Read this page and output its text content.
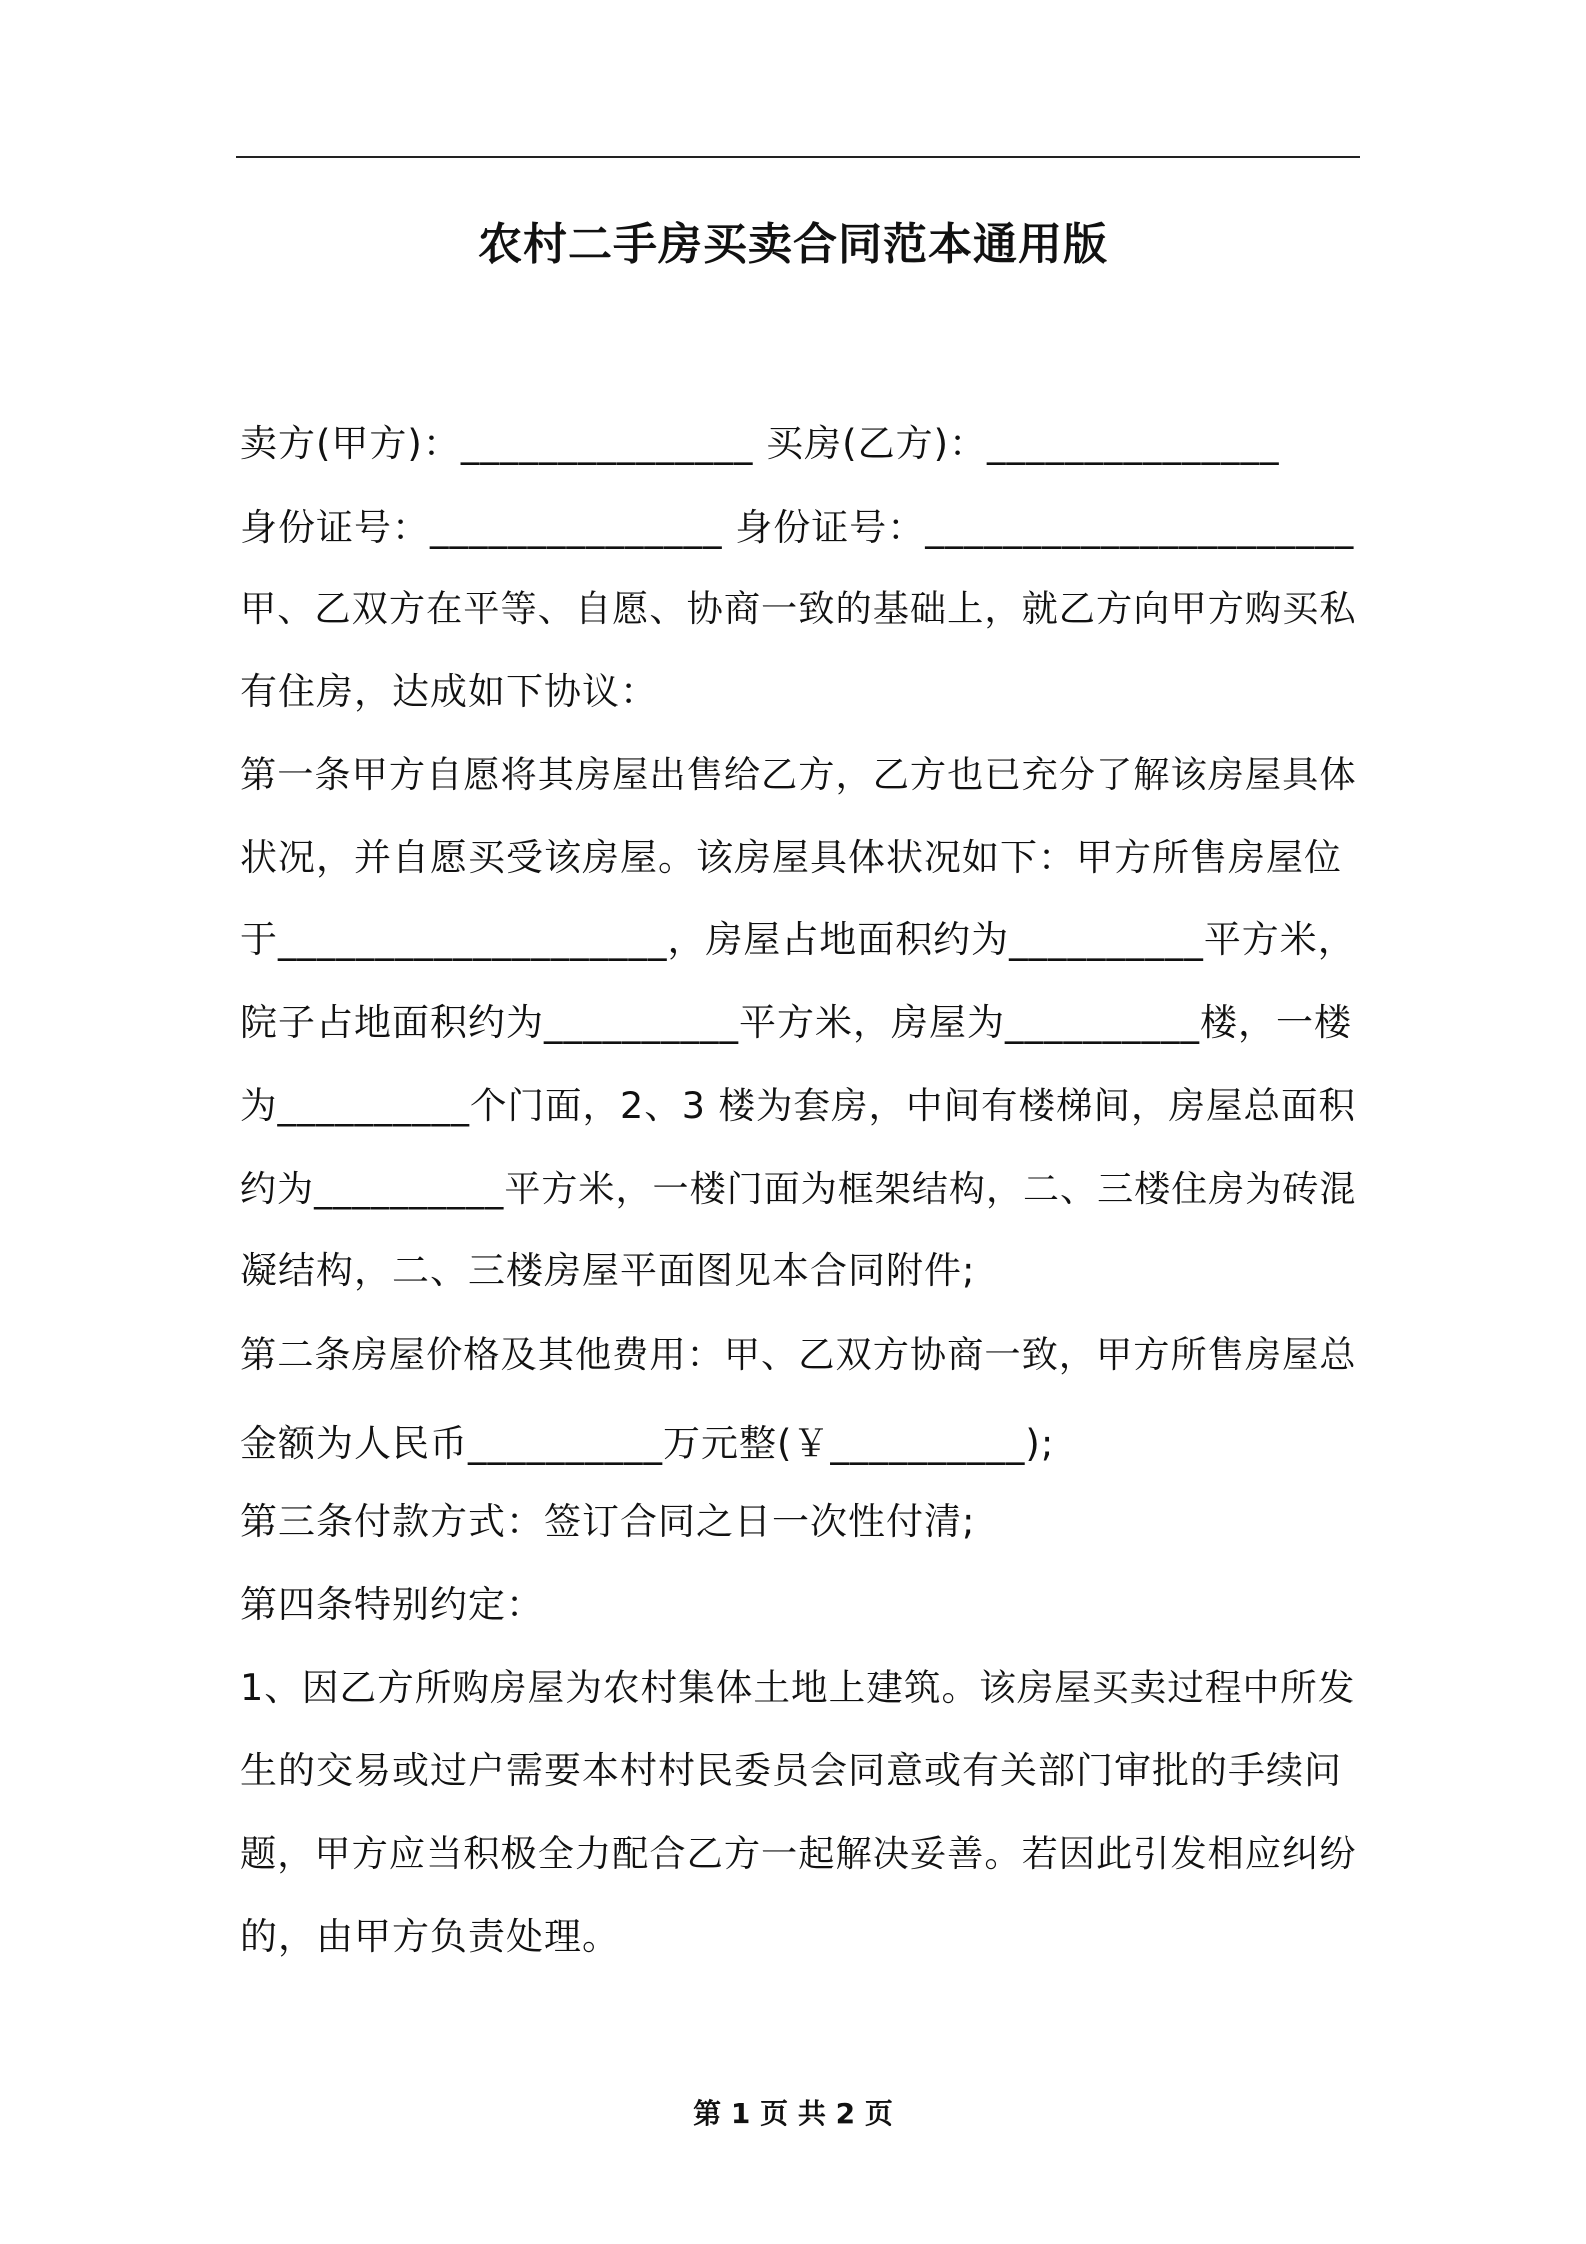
农村二手房买卖合同范本通用版
卖方(甲方)：_______________ 买房(乙方)：_______________
身份证号：_______________ 身份证号：______________________
甲、乙双方在平等、自愿、协商一致的基础上，就乙方向甲方购买私
有住房，达成如下协议：
第一条甲方自愿将其房屋出售给乙方，乙方也已充分了解该房屋具体
状况，并自愿买受该房屋。该房屋具体状况如下：甲方所售房屋位
于____________________，房屋占地面积约为__________平方米，
院子占地面积约为__________平方米，房屋为__________楼，一楼
为__________个门面，2、3 楼为套房，中间有楼梯间，房屋总面积
约为__________平方米，一楼门面为框架结构，二、三楼住房为砖混
凝结构，二、三楼房屋平面图见本合同附件;
第二条房屋价格及其他费用：甲、乙双方协商一致，甲方所售房屋总
金额为人民币__________万元整(￥__________);
第三条付款方式：签订合同之日一次性付清;
第四条特别约定：
1、因乙方所购房屋为农村集体土地上建筑。该房屋买卖过程中所发
生的交易或过户需要本村村民委员会同意或有关部门审批的手续问
题，甲方应当积极全力配合乙方一起解决妥善。若因此引发相应纠纷
的，由甲方负责处理。
第 1 页 共 2 页
